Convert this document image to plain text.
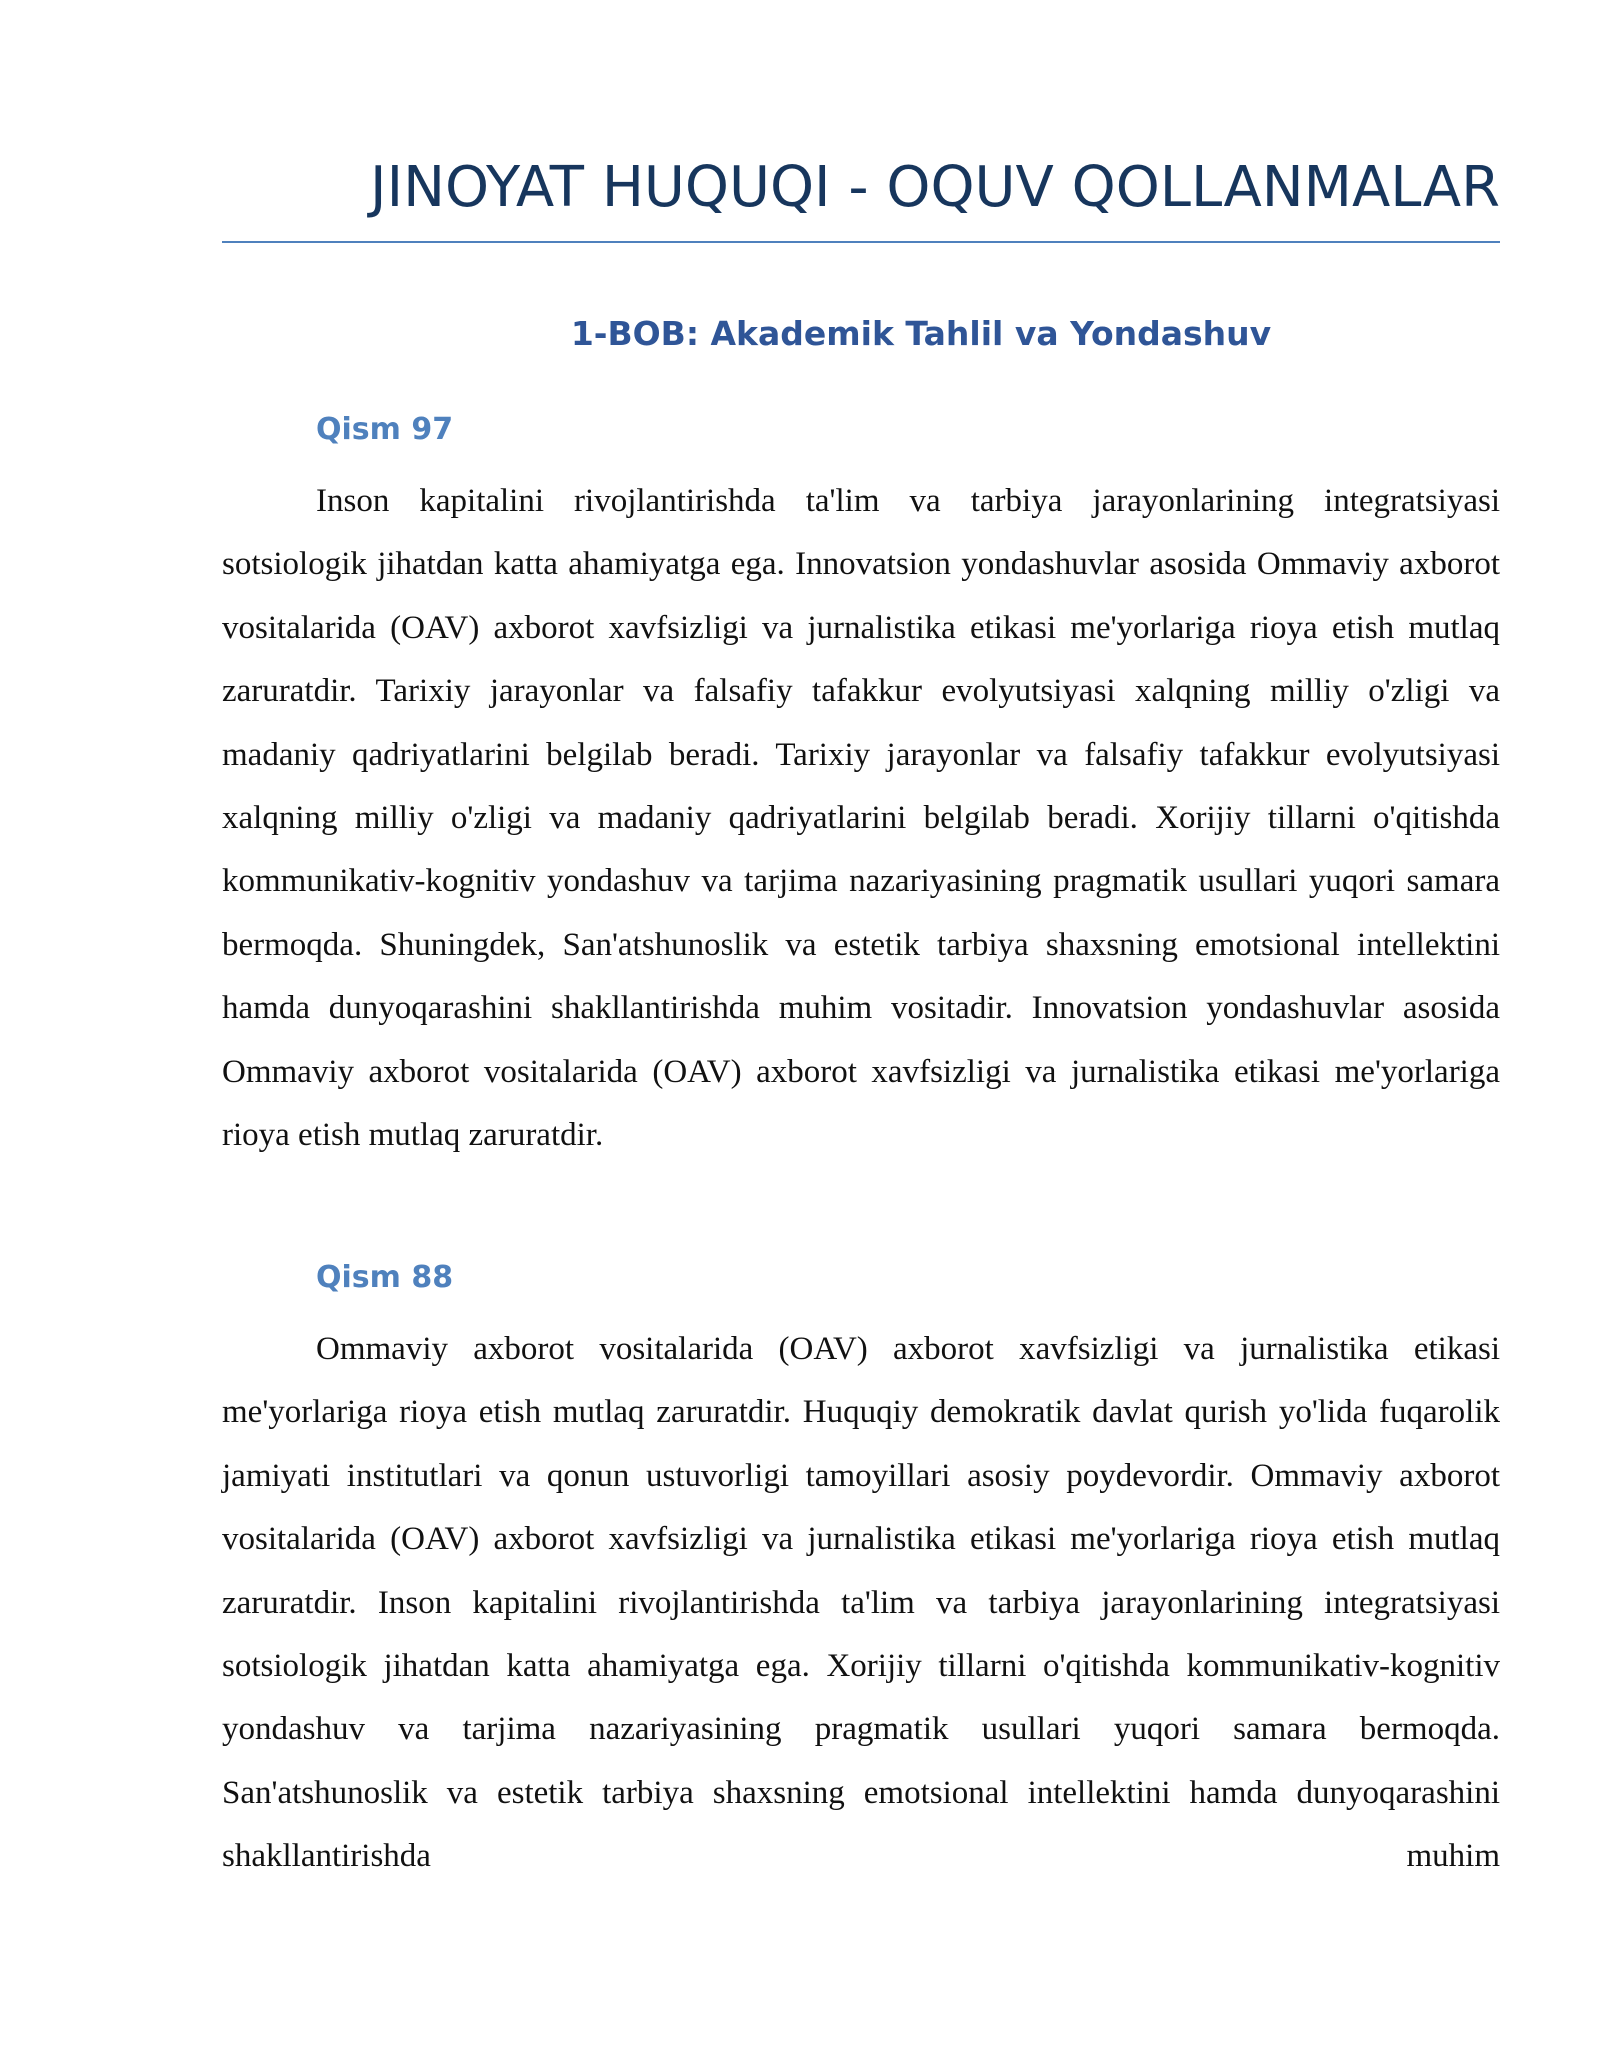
JINOYAT HUQUQI - OQUV QOLLANMALAR
1-BOB: Akademik Tahlil va Yondashuv
Qism 97

Inson kapitalini rivojlantirishda ta'lim va tarbiya jarayonlarining integratsiyasi sotsiologik jihatdan katta ahamiyatga ega. Innovatsion yondashuvlar asosida Ommaviy axborot vositalarida (OAV) axborot xavfsizligi va jurnalistika etikasi me'yorlariga rioya etish mutlaq zaruratdir. Tarixiy jarayonlar va falsafiy tafakkur evolyutsiyasi xalqning milliy o'zligi va madaniy qadriyatlarini belgilab beradi. Tarixiy jarayonlar va falsafiy tafakkur evolyutsiyasi xalqning milliy o'zligi va madaniy qadriyatlarini belgilab beradi. Xorijiy tillarni o'qitishda kommunikativ-kognitiv yondashuv va tarjima nazariyasining pragmatik usullari yuqori samara bermoqda. Shuningdek, San'atshunoslik va estetik tarbiya shaxsning emotsional intellektini hamda dunyoqarashini shakllantirishda muhim vositadir. Innovatsion yondashuvlar asosida Ommaviy axborot vositalarida (OAV) axborot xavfsizligi va jurnalistika etikasi me'yorlariga rioya etish mutlaq zaruratdir.

Qism 88

Ommaviy axborot vositalarida (OAV) axborot xavfsizligi va jurnalistika etikasi me'yorlariga rioya etish mutlaq zaruratdir. Huquqiy demokratik davlat qurish yo'lida fuqarolik jamiyati institutlari va qonun ustuvorligi tamoyillari asosiy poydevordir. Ommaviy axborot vositalarida (OAV) axborot xavfsizligi va jurnalistika etikasi me'yorlariga rioya etish mutlaq zaruratdir. Inson kapitalini rivojlantirishda ta'lim va tarbiya jarayonlarining integratsiyasi sotsiologik jihatdan katta ahamiyatga ega. Xorijiy tillarni o'qitishda kommunikativ-kognitiv yondashuv va tarjima nazariyasining pragmatik usullari yuqori samara bermoqda. San'atshunoslik va estetik tarbiya shaxsning emotsional intellektini hamda dunyoqarashini shakllantirishda muhim
